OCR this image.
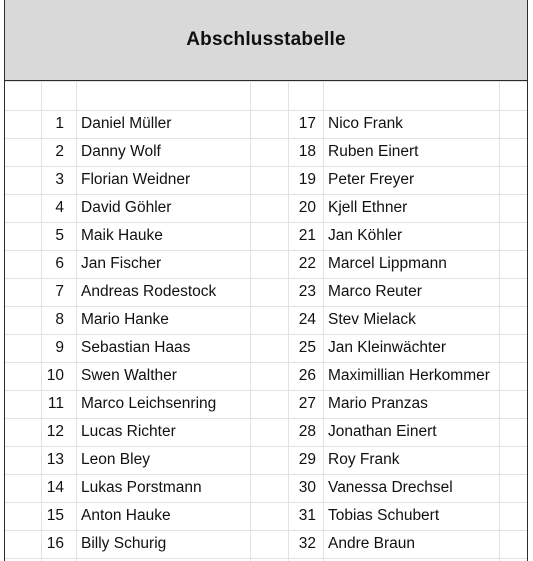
Abschlusstabelle
1 Daniel Müller	17 Nico Frank
2 Danny Wolf	18 Ruben Einert
3 Florian Weidner	19 Peter Freyer
4 David Göhler	20 Kjell Ethner
5 Maik Hauke	21 Jan Köhler
6 Jan Fischer	22 Marcel Lippmann
7 Andreas Rodestock	23 Marco Reuter
8 Mario Hanke	24 Stev Mielack
9 Sebastian Haas	25 Jan Kleinwächter
10 Swen Walther	26 Maximillian Herkommer
11 Marco Leichsenring	27 Mario Pranzas
12 Lucas Richter	28 Jonathan Einert
13 Leon Bley	29 Roy Frank
14 Lukas Porstmann	30 Vanessa Drechsel
15 Anton Hauke	31 Tobias Schubert
16 Billy Schurig	32 Andre Braun
